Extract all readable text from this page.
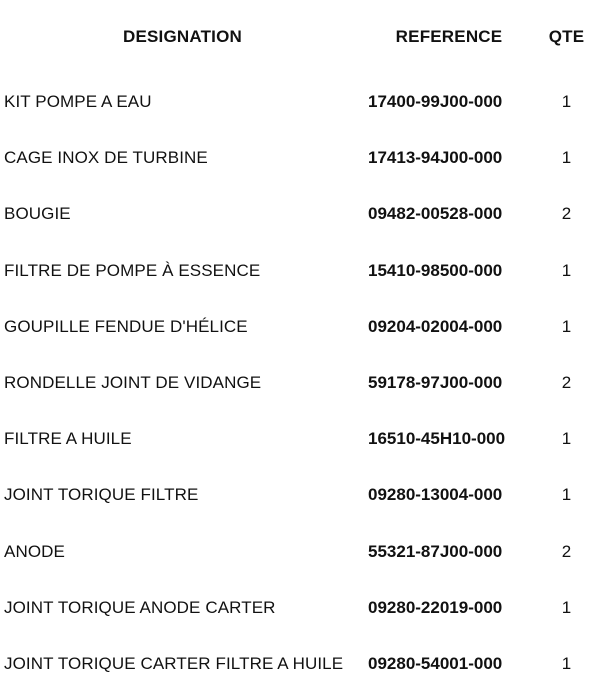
DESIGNATION	REFERENCE	QTE
KIT POMPE A EAU	17400-99J00-000	1
CAGE INOX DE TURBINE	17413-94J00-000	1
BOUGIE	09482-00528-000	2
FILTRE DE POMPE À ESSENCE	15410-98500-000	1
GOUPILLE FENDUE D'HÉLICE	09204-02004-000	1
RONDELLE JOINT DE VIDANGE	59178-97J00-000	2
FILTRE A HUILE	16510-45H10-000	1
JOINT TORIQUE FILTRE	09280-13004-000	1
ANODE	55321-87J00-000	2
JOINT TORIQUE ANODE CARTER	09280-22019-000	1
JOINT TORIQUE CARTER FILTRE A HUILE	09280-54001-000	1
